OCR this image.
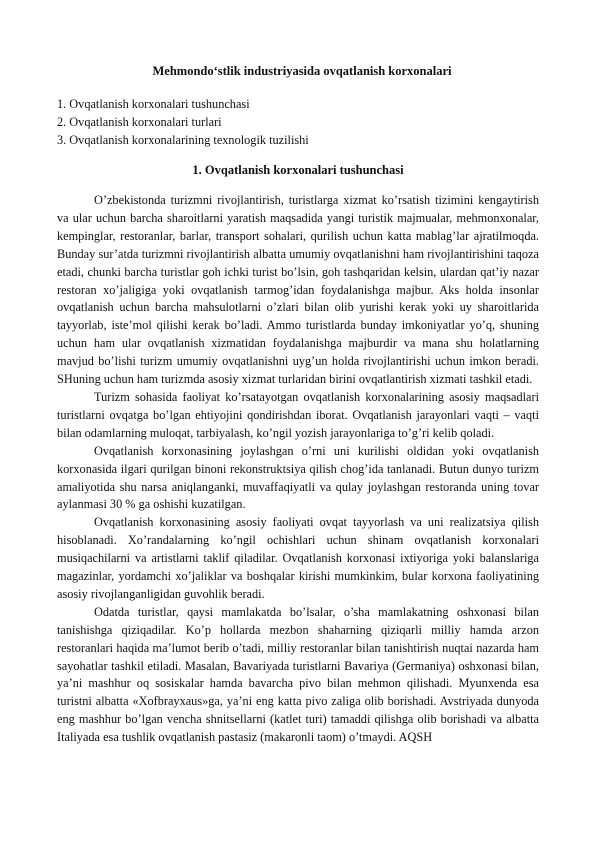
Mehmondo‘stlik industriyasida ovqatlanish korxonalari
1. Ovqatlanish korxonalari tushunchasi
2. Ovqatlanish korxonalari turlari
3. Ovqatlanish korxonalarining texnologik tuzilishi
1. Ovqatlanish korxonalari tushunchasi

O’zbekistonda turizmni rivojlantirish, turistlarga xizmat ko’rsatish tizimini kengaytirish va ular uchun barcha sharoitlarni yaratish maqsadida yangi turistik majmualar, mehmonxonalar, kempinglar, restoranlar, barlar, transport sohalari, qurilish uchun katta mablag’lar ajratilmoqda. Bunday sur’atda turizmni rivojlantirish albatta umumiy ovqatlanishni ham rivojlantirishini taqoza etadi, chunki barcha turistlar goh ichki turist bo’lsin, goh tashqaridan kelsin, ulardan qat’iy nazar restoran xo’jaligiga yoki ovqatlanish tarmog’idan foydalanishga majbur. Aks holda insonlar ovqatlanish uchun barcha mahsulotlarni o’zlari bilan olib yurishi kerak yoki uy sharoitlarida tayyorlab, iste’mol qilishi kerak bo’ladi. Ammo turistlarda bunday imkoniyatlar yo’q, shuning uchun ham ular ovqatlanish xizmatidan foydalanishga majburdir va mana shu holatlarning mavjud bo’lishi turizm umumiy ovqatlanishni uyg’un holda rivojlantirishi uchun imkon beradi. SHuning uchun ham turizmda asosiy xizmat turlaridan birini ovqatlantirish xizmati tashkil etadi.

Turizm sohasida faoliyat ko’rsatayotgan ovqatlanish korxonalarining asosiy maqsadlari turistlarni ovqatga bo’lgan ehtiyojini qondirishdan iborat. Ovqatlanish jarayonlari vaqti – vaqti bilan odamlarning muloqat, tarbiyalash, ko’ngil yozish jarayonlariga to’g’ri kelib qoladi.

Ovqatlanish korxonasining joylashgan o’rni uni kurilishi oldidan yoki ovqatlanish korxonasida ilgari qurilgan binoni rekonstruktsiya qilish chog’ida tanlanadi. Butun dunyo turizm amaliyotida shu narsa aniqlanganki, muvaffaqiyatli va qulay joylashgan restoranda uning tovar aylanmasi 30 % ga oshishi kuzatilgan.

Ovqatlanish korxonasining asosiy faoliyati ovqat tayyorlash va uni realizatsiya qilish hisoblanadi. Xo’randalarning ko’ngil ochishlari uchun shinam ovqatlanish korxonalari musiqachilarni va artistlarni taklif qiladilar. Ovqatlanish korxonasi ixtiyoriga yoki balanslariga magazinlar, yordamchi xo’jaliklar va boshqalar kirishi mumkinkim, bular korxona faoliyatining asosiy rivojlanganligidan guvohlik beradi.

Odatda turistlar, qaysi mamlakatda bo’lsalar, o’sha mamlakatning oshxonasi bilan tanishishga qiziqadilar. Ko’p hollarda mezbon shaharning qiziqarli milliy hamda arzon restoranlari haqida ma’lumot berib o’tadi, milliy restoranlar bilan tanishtirish nuqtai nazarda ham sayohatlar tashkil etiladi. Masalan, Bavariyada turistlarni Bavariya (Germaniya) oshxonasi bilan, ya’ni mashhur oq sosiskalar hamda bavarcha pivo bilan mehmon qilishadi. Myunxenda esa turistni albatta «Xofbrayxaus»ga, ya’ni eng katta pivo zaliga olib borishadi. Avstriyada dunyoda eng mashhur bo’lgan vencha shnitsellarni (katlet turi) tamaddi qilishga olib borishadi va albatta Italiyada esa tushlik ovqatlanish pastasiz (makaronli taom) o’tmaydi. AQSH
